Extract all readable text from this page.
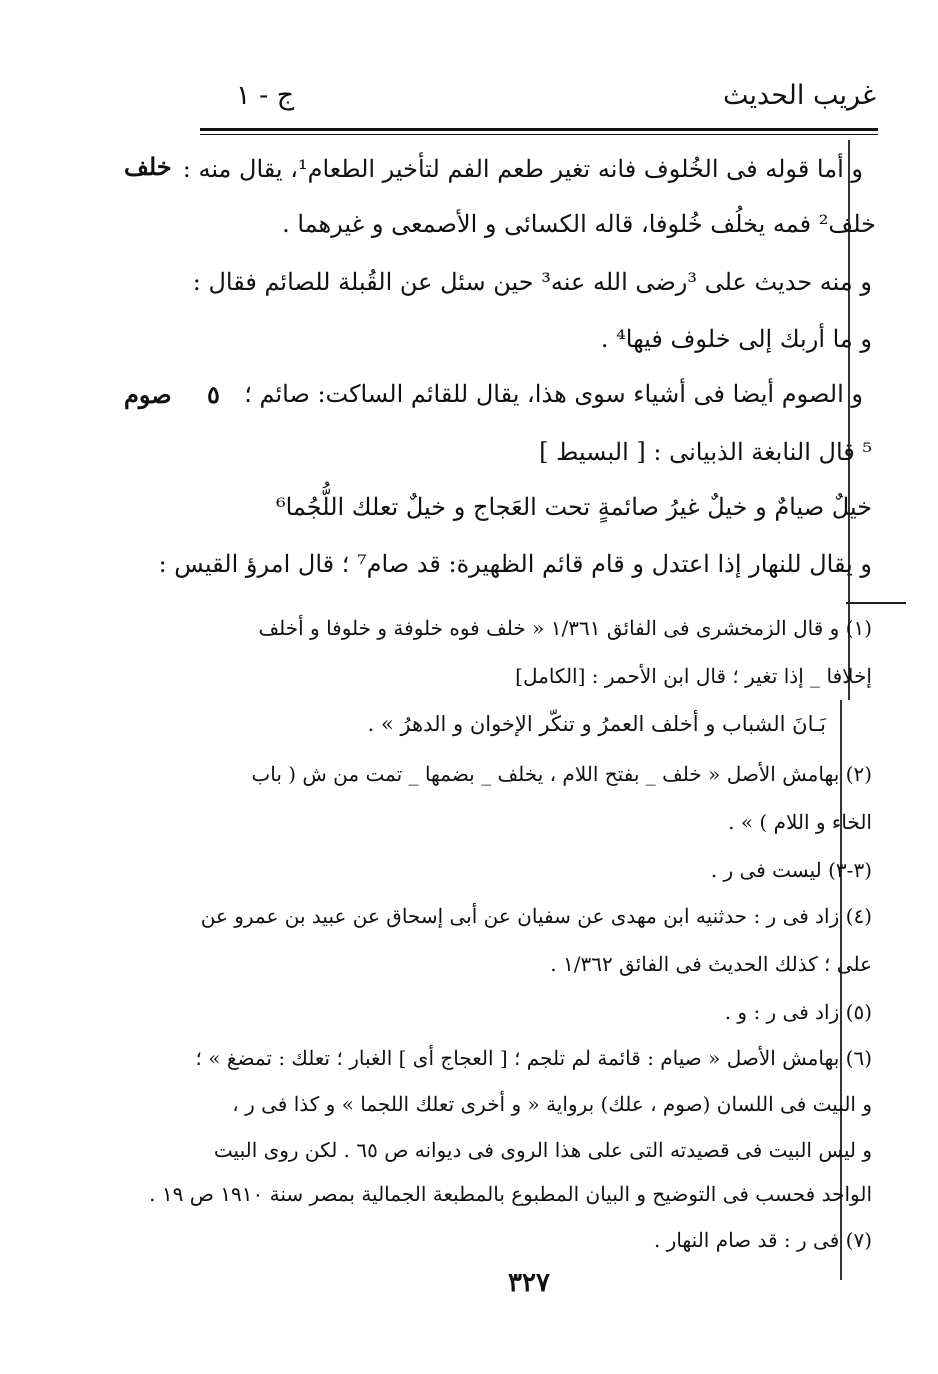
غريب الحديث
ج - ١
خلف
صوم ٥
و أما قوله فى الخُلوف فانه تغير طعم الفم لتأخير الطعام¹، يقال منه :
خلف² فمه يخلُف خُلوفا، قاله الكسائى و الأصمعى و غيرهما .
و منه حديث على ³رضى الله عنه³ حين سئل عن القُبلة للصائم فقال :
و ما أربك إلى خلوف فيها⁴ .
و الصوم أيضا فى أشياء سوى هذا، يقال للقائم الساكت: صائم ؛
⁵ قال النابغة الذبيانى : [ البسيط ]
خيلٌ صيامٌ و خيلٌ غيرُ صائمةٍ تحت العَجاج و خيلٌ تعلك اللُّجُما⁶
و يقال للنهار إذا اعتدل و قام قائم الظهيرة: قد صام⁷ ؛ قال امرؤ القيس :
(١) و قال الزمخشرى فى الفائق ١/٣٦١ « خلف فوه خلوفة و خلوفا و أخلف
إخلافا _ إذا تغير ؛ قال ابن الأحمر : [الكامل]
بَـانَ الشباب و أخلف العمرُ و تنكّر الإخوان و الدهرُ » .
(٢) بهامش الأصل « خلف _ بفتح اللام ، يخلف _ بضمها _ تمت من ش ( باب
الخاء و اللام ) » .
(٣-٣) ليست فى ر .
(٤) زاد فى ر : حدثنيه ابن مهدى عن سفيان عن أبى إسحاق عن عبيد بن عمرو عن
على ؛ كذلك الحديث فى الفائق ١/٣٦٢ .
(٥) زاد فى ر : و .
(٦) بهامش الأصل « صيام : قائمة لم تلجم ؛ [ العجاج أى ] الغبار ؛ تعلك : تمضغ » ؛
و البيت فى اللسان (صوم ، علك) برواية « و أخرى تعلك اللجما » و كذا فى ر ،
و ليس البيت فى قصيدته التى على هذا الروى فى ديوانه ص ٦٥ . لكن روى البيت
الواحد فحسب فى التوضيح و البيان المطبوع بالمطبعة الجمالية بمصر سنة ١٩١٠ ص ١٩ .
(٧) فى ر : قد صام النهار .
٣٢٧
